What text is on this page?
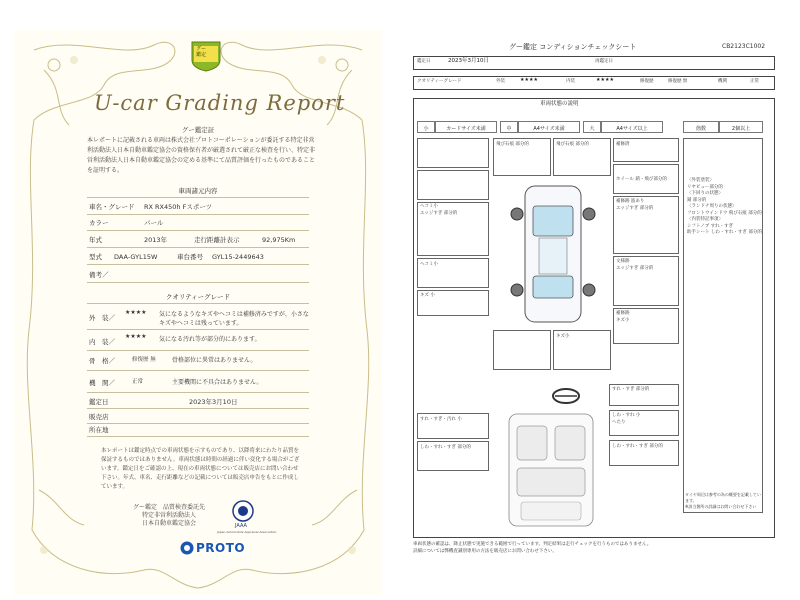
グー
鑑定
U-car Grading Report
グー鑑定証
本レポートに記載される車両は株式会社プロトコーポレーションが委託する特定非営利活動法人日本自動車鑑定協会の資格保有者が厳選されて厳正な検査を行い、特定非営利活動法人日本自動車鑑定協会の定める基準にて品質評価を行ったものであることを証明する。
車両諸元内容
車名・グレード RX RX450h Fスポーツ
カラー	パール
年式	2013年	走行距離計表示	92,975Km
型式 DAA-GYL15W	車台番号 GYL15-2449643
備考／
クオリティーグレード
外　装／
★★★★ 気になるようなキズやヘコミは補修済みですが、小さなキズやヘコミは残っています。
内　装／
★★★★ 気になる汚れ等が部分的にあります。
骨　格／	修復歴 無	骨格部位に異常はありません。
機　関／	正常	主要機関に不具合はありません。
鑑定日	2023年3月10日
販売店
所在地
本レポートは鑑定時点での車両状態を示すものであり、以降将来にわたり品質を保証するものではありません。車両状態は時間の経過に伴い変化する場合がございます。鑑定日をご確認の上、現在の車両状態については販売店にお問い合わせ下さい。年式、車名、走行距離などの記載については販売店申告をもとに作成しています。
グー鑑定　品質検査委託先
特定非営利活動法人
日本自動車鑑定協会	JAAA
Japan Automobile Appraisal Association
PROTO
グー鑑定 コンディションチェックシート	CB2123C1002
鑑定日	2023年3月10日	再鑑定日
クオリティーグレード	外装	★★★★	内装	★★★★	修復歴	修復歴 無	機関	正常
車両状態の説明
小	カードサイズ未満	中	A4サイズ未満	大	A4サイズ以上	箇数	2個以上
〈外装塗装〉
リヤビュー部分的
〈下回りの状態〉
錆 部分的
〈ランドナ周りの状態〉
フロントウインドウ 飛び石痕 部分的
〈内装特記事項〉
シフトノブ すれ・すぎ
助手シート しわ・すれ・すぎ 部分的
タイヤ周辺は参考の為の概要を記載しています。
※該当箇所の詳細はお問い合わせ下さい
ヘコミ小
エッジすぎ 部分的
ヘコミ小
キズ 小
飛び石痕 部分的	飛び石痕 部分的	補修済
ホイール 錆・飛び部分的
補修跡 波あり
エッジすぎ 部分的
文様跡
エッジすぎ 部分的
補修跡
キズ小
キズ小
すれ・すぎ・汚れ 小
しわ・すれ・すぎ 部分的
すれ・すぎ 部分的
しわ・すれ 小
へたり
しわ・すれ・すぎ 部分的
車両状態の確認は、降止状態で実施できる範囲で行っています。判定結果は走行チェックを行うものではありません。
詳細については弊機査識別専用の方法を販売店にお問い合わせ下さい。
